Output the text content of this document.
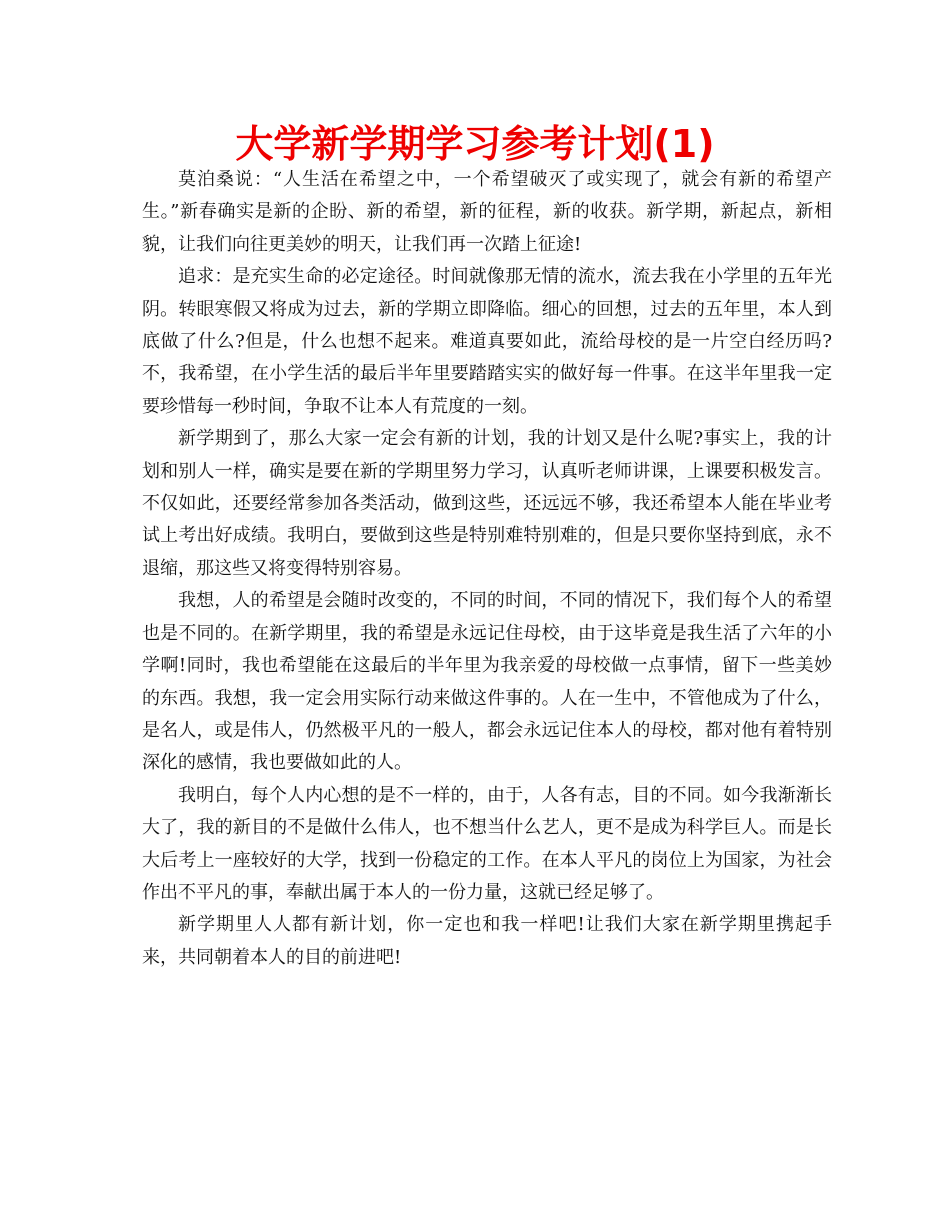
大学新学期学习参考计划(1)

莫泊桑说：“人生活在希望之中，一个希望破灭了或实现了，就会有新的希望产生。”新春确实是新的企盼、新的希望，新的征程，新的收获。新学期，新起点，新相貌，让我们向往更美妙的明天，让我们再一次踏上征途!

追求：是充实生命的必定途径。时间就像那无情的流水，流去我在小学里的五年光阴。转眼寒假又将成为过去，新的学期立即降临。细心的回想，过去的五年里，本人到底做了什么?但是，什么也想不起来。难道真要如此，流给母校的是一片空白经历吗?不，我希望，在小学生活的最后半年里要踏踏实实的做好每一件事。在这半年里我一定要珍惜每一秒时间，争取不让本人有荒度的一刻。

新学期到了，那么大家一定会有新的计划，我的计划又是什么呢?事实上，我的计划和别人一样，确实是要在新的学期里努力学习，认真听老师讲课，上课要积极发言。不仅如此，还要经常参加各类活动，做到这些，还远远不够，我还希望本人能在毕业考试上考出好成绩。我明白，要做到这些是特别难特别难的，但是只要你坚持到底，永不退缩，那这些又将变得特别容易。

我想，人的希望是会随时改变的，不同的时间，不同的情况下，我们每个人的希望也是不同的。在新学期里，我的希望是永远记住母校，由于这毕竟是我生活了六年的小学啊!同时，我也希望能在这最后的半年里为我亲爱的母校做一点事情，留下一些美妙的东西。我想，我一定会用实际行动来做这件事的。人在一生中，不管他成为了什么，是名人，或是伟人，仍然极平凡的一般人，都会永远记住本人的母校，都对他有着特别深化的感情，我也要做如此的人。

我明白，每个人内心想的是不一样的，由于，人各有志，目的不同。如今我渐渐长大了，我的新目的不是做什么伟人，也不想当什么艺人，更不是成为科学巨人。而是长大后考上一座较好的大学，找到一份稳定的工作。在本人平凡的岗位上为国家，为社会作出不平凡的事，奉献出属于本人的一份力量，这就已经足够了。

新学期里人人都有新计划，你一定也和我一样吧!让我们大家在新学期里携起手来，共同朝着本人的目的前进吧!
